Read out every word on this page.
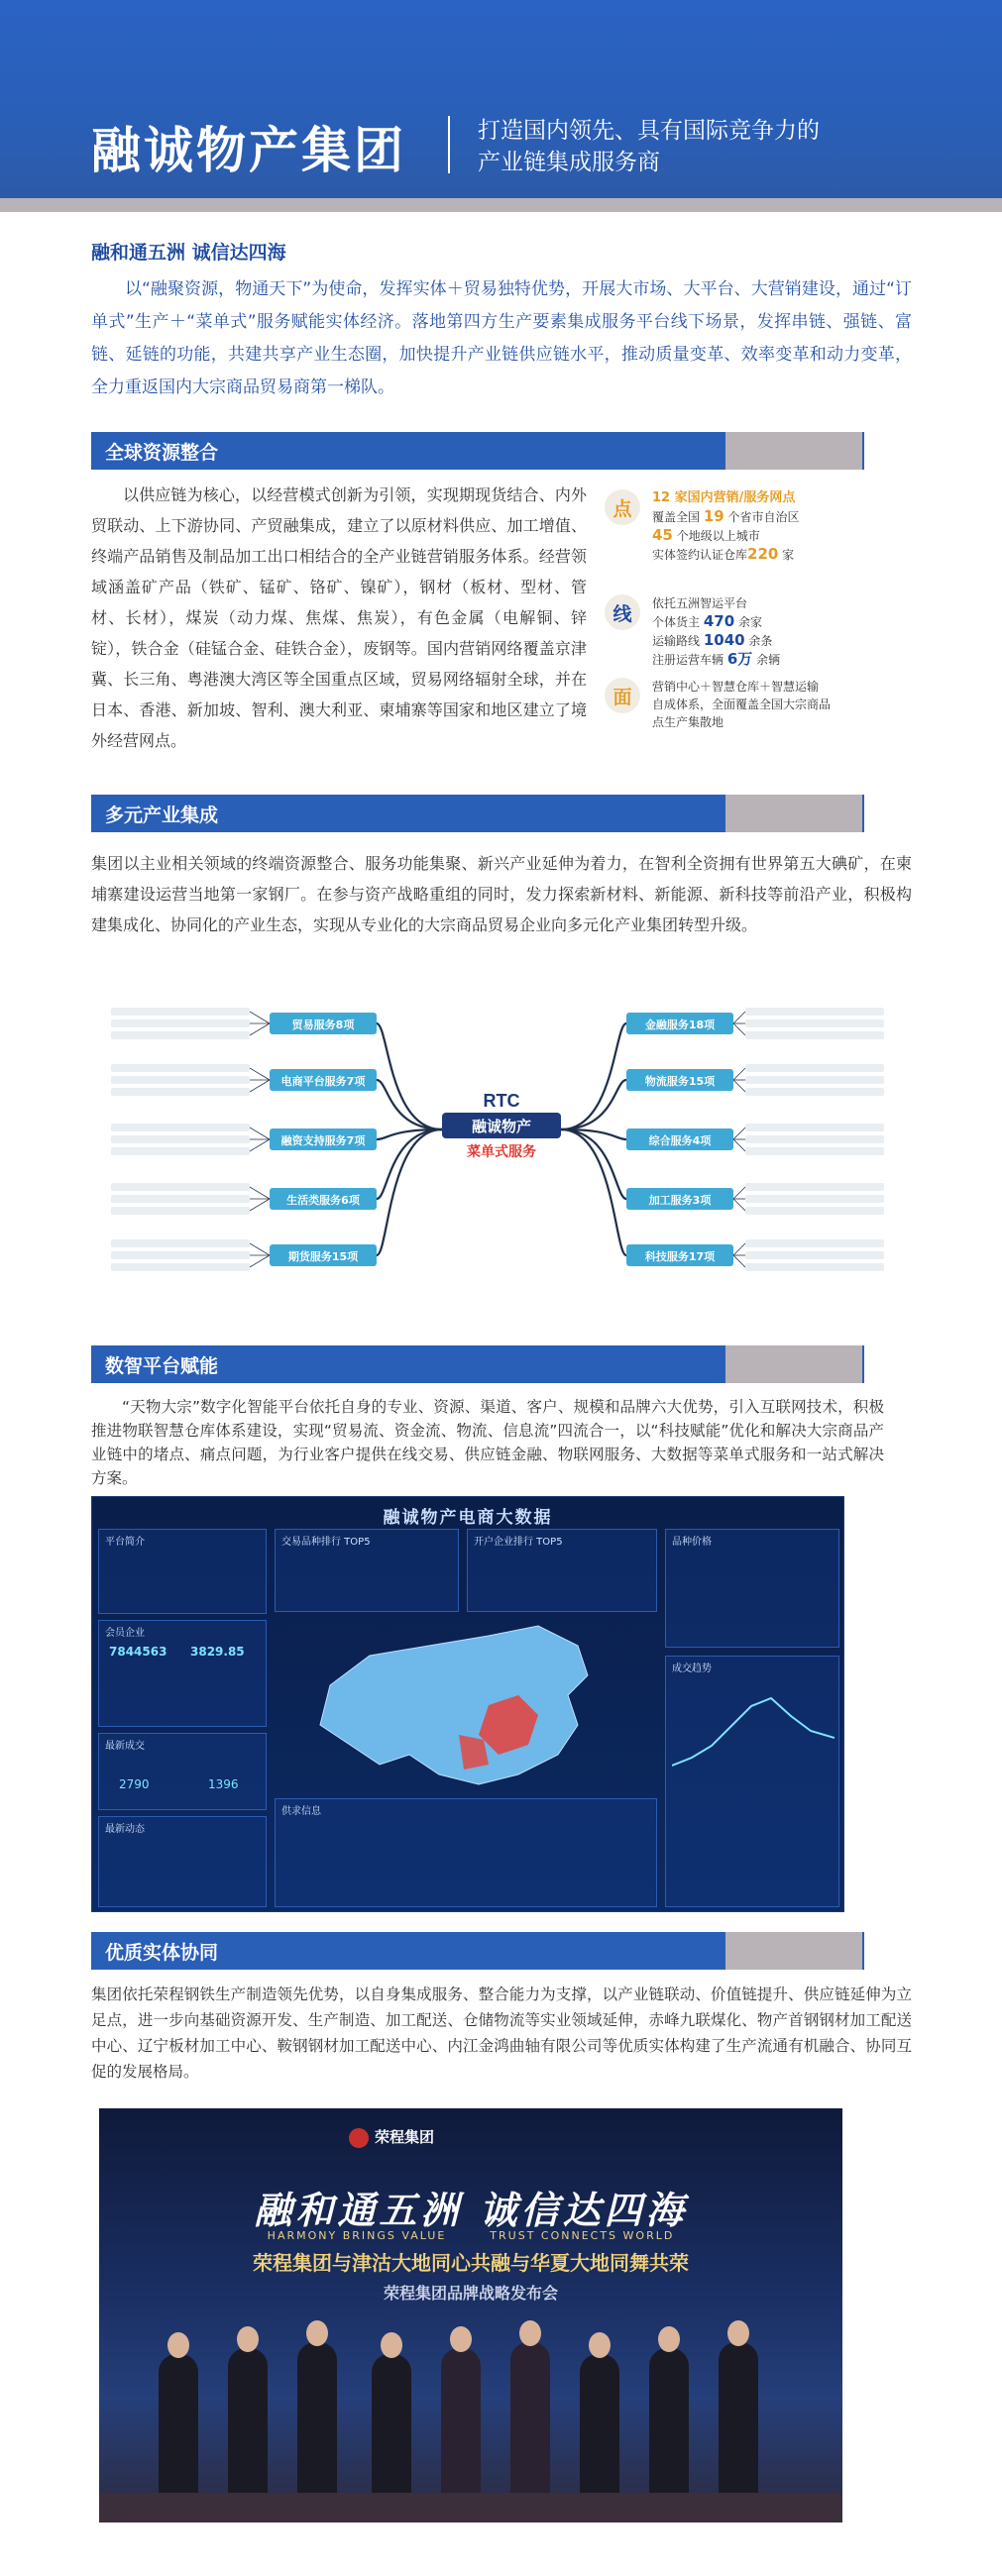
融诚物产集团	打造国内领先、具有国际竞争力的
产业链集成服务商
融和通五洲 诚信达四海
以“融聚资源，物通天下”为使命，发挥实体＋贸易独特优势，开展大市场、大平台、大营销建设，通过“订单式”生产＋“菜单式”服务赋能实体经济。落地第四方生产要素集成服务平台线下场景，发挥串链、强链、富链、延链的功能，共建共享产业生态圈，加快提升产业链供应链水平，推动质量变革、效率变革和动力变革，全力重返国内大宗商品贸易商第一梯队。
全球资源整合
以供应链为核心，以经营模式创新为引领，实现期现货结合、内外贸联动、上下游协同、产贸融集成，建立了以原材料供应、加工增值、终端产品销售及制品加工出口相结合的全产业链营销服务体系。经营领域涵盖矿产品（铁矿、锰矿、铬矿、镍矿），钢材（板材、型材、管材、长材），煤炭（动力煤、焦煤、焦炭），有色金属（电解铜、锌锭），铁合金（硅锰合金、硅铁合金），废钢等。国内营销网络覆盖京津冀、长三角、粤港澳大湾区等全国重点区域，贸易网络辐射全球，并在日本、香港、新加坡、智利、澳大利亚、柬埔寨等国家和地区建立了境外经营网点。
点	12 家国内营销/服务网点
覆盖全国 19 个省市自治区
45 个地级以上城市
实体签约认证仓库220 家
线	依托五洲智运平台
个体货主 470 余家
运输路线 1040 余条
注册运营车辆 6万 余辆
面	营销中心＋智慧仓库＋智慧运输
自成体系，全面覆盖全国大宗商品
点生产集散地
多元产业集成
集团以主业相关领域的终端资源整合、服务功能集聚、新兴产业延伸为着力，在智利全资拥有世界第五大碘矿，在柬埔寨建设运营当地第一家钢厂。在参与资产战略重组的同时，发力探索新材料、新能源、新科技等前沿产业，积极构建集成化、协同化的产业生态，实现从专业化的大宗商品贸易企业向多元化产业集团转型升级。
贸易服务8项
电商平台服务7项
融资支持服务7项
生活类服务6项
期货服务15项
金融服务18项
物流服务15项
综合服务4项
加工服务3项
科技服务17项
RTC
融诚物产
菜单式服务
数智平台赋能
“天物大宗”数字化智能平台依托自身的专业、资源、渠道、客户、规模和品牌六大优势，引入互联网技术，积极推进物联智慧仓库体系建设，实现“贸易流、资金流、物流、信息流”四流合一，以“科技赋能”优化和解决大宗商品产业链中的堵点、痛点问题，为行业客户提供在线交易、供应链金融、物联网服务、大数据等菜单式服务和一站式解决方案。
融诚物产电商大数据
平台简介
会员企业
7844563 3829.85
最新成交
2790	1396
最新动态
交易品种排行 TOP5	开户企业排行 TOP5
供求信息
品种价格
成交趋势
优质实体协同
集团依托荣程钢铁生产制造领先优势，以自身集成服务、整合能力为支撑，以产业链联动、价值链提升、供应链延伸为立足点，进一步向基础资源开发、生产制造、加工配送、仓储物流等实业领域延伸，赤峰九联煤化、物产首钢钢材加工配送中心、辽宁板材加工中心、鞍钢钢材加工配送中心、内江金鸿曲轴有限公司等优质实体构建了生产流通有机融合、协同互促的发展格局。
荣程集团
融和通五洲 诚信达四海
HARMONY BRINGS VALUE	TRUST CONNECTS WORLD
荣程集团与津沽大地同心共融与华夏大地同舞共荣
荣程集团品牌战略发布会
